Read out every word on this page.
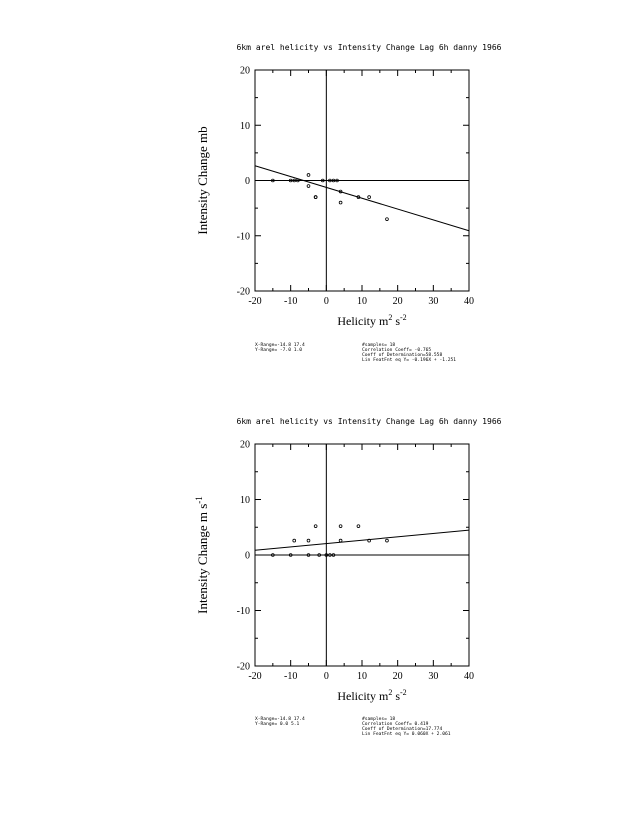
6km arel helicity vs Intensity Change Lag 6h danny 1966
-20 -10	0	10	20	30	40
-20
-10
0
10
20
Helicity $m^2$ $s^{-2}$
Intensity Change mb
X-Range=-14.8 17.4
Y-Range= -7.0 1.0
#samples= 18
Correlation Coeff= -0.765
Coeff of Determination=58.558
Lin FeatFnt eq Y= -0.196X + -1.251
6km arel helicity vs Intensity Change Lag 6h danny 1966
-20 -10	0	10	20	30	40
-20
-10
0
10
20
Helicity $m^2$ $s^{-2}$
Intensity Change m $s^{-1}$
X-Range=-14.8 17.4
Y-Range= 0.0 5.1
#samples= 18
Correlation Coeff= 0.419
Coeff of Determination=17.774
Lin FeatFnt eq Y= 0.060X + 2.061
